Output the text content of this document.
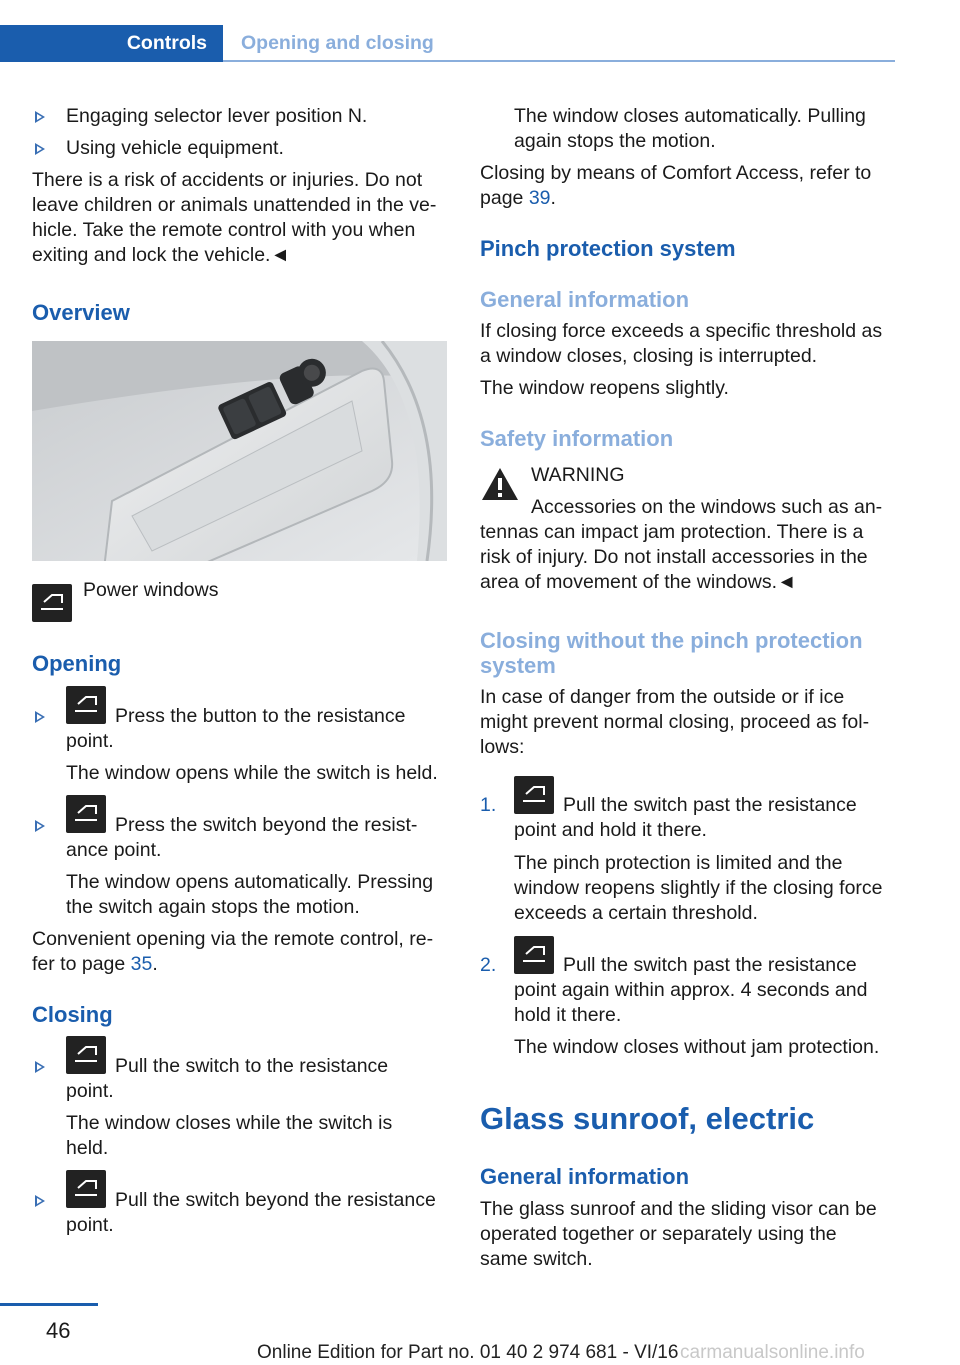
Controls	Opening and closing

Engaging selector lever position N.

Using vehicle equipment.

There is a risk of accidents or injuries. Do not

leave children or animals unattended in the ve-

hicle. Take the remote control with you when

exiting and lock the vehicle.◄

Overview

Power windows

Opening

Press the button to the resistance

point.

The window opens while the switch is held.

Press the switch beyond the resist-

ance point.

The window opens automatically. Pressing

the switch again stops the motion.

Convenient opening via the remote control, re-

fer to page 35.

Closing

Pull the switch to the resistance

point.

The window closes while the switch is

held.

Pull the switch beyond the resistance

point.

The window closes automatically. Pulling

again stops the motion.

Closing by means of Comfort Access, refer to

page 39.

Pinch protection system

General information

If closing force exceeds a specific threshold as

a window closes, closing is interrupted.

The window reopens slightly.

Safety information

WARNING

Accessories on the windows such as an-

tennas can impact jam protection. There is a

risk of injury. Do not install accessories in the

area of movement of the windows.◄

Closing without the pinch protection

system

In case of danger from the outside or if ice

might prevent normal closing, proceed as fol-

lows:

1.	Pull the switch past the resistance

point and hold it there.

The pinch protection is limited and the

window reopens slightly if the closing force

exceeds a certain threshold.

2.	Pull the switch past the resistance

point again within approx. 4 seconds and

hold it there.

The window closes without jam protection.

Glass sunroof, electric

General information

The glass sunroof and the sliding visor can be

operated together or separately using the

same switch.

46
Online Edition for Part no. 01 40 2 974 681 - VI/16 carmanualsonline.info
